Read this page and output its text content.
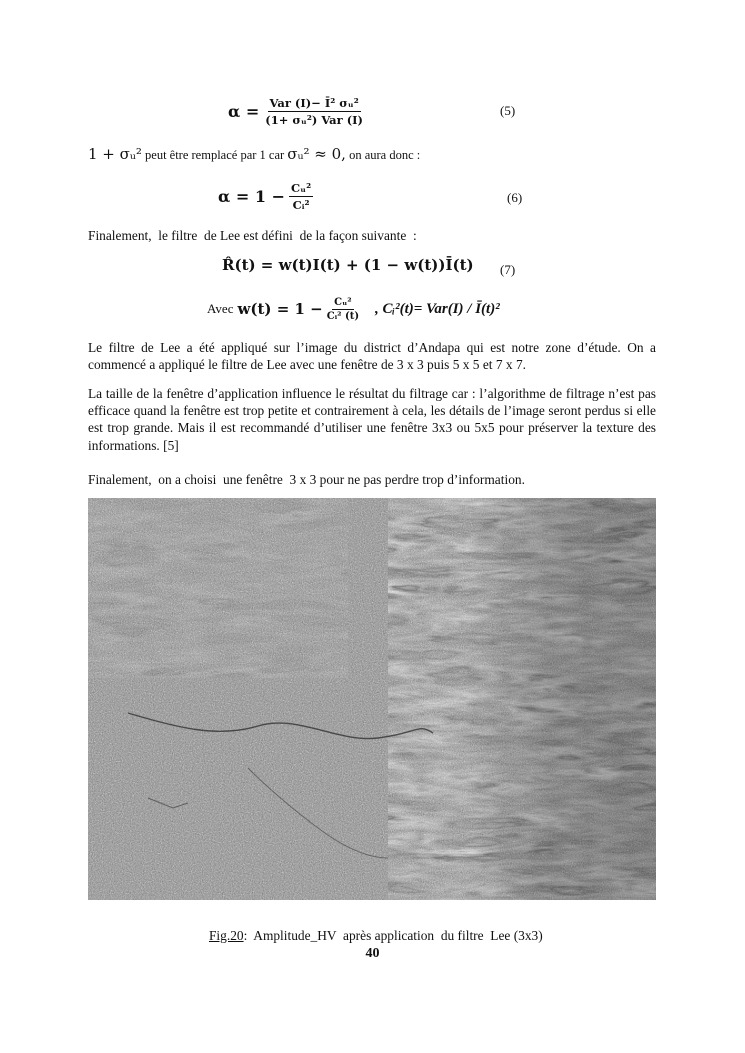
$\alpha = \frac{\text{Var (I)− Ī² σᵤ²}}{\text{(1+ σᵤ²) Var (I)}}$	(5)
1 + σᵤ² peut être remplacé par 1 car σᵤ² ≈ 0, on aura donc :
$\alpha = 1 - \frac{\text{Cᵤ²}}{\text{Cᵢ²}}$	(6)
Finalement,  le filtre  de Lee est défini  de la façon suivante  :
R̂(t) = w(t)I(t) + (1 − w(t))Ī(t) (7)
Avec $w(t) = 1 - \frac{\text{Cᵤ²}}{\text{Cᵢ² (t)}}$ , Cᵢ²(t)= Var(I) / Ī(t)²

Le filtre de Lee a été appliqué sur l’image du district d’Andapa qui est notre zone d’étude. On a commencé a appliqué le filtre de Lee avec une fenêtre de 3 x 3 puis 5 x 5 et 7 x 7.

La taille de la fenêtre d’application influence le résultat du filtrage car : l’algorithme de filtrage n’est pas efficace quand la fenêtre est trop petite et contrairement à cela, les détails de l’image seront perdus si elle est trop grande. Mais il est recommandé d’utiliser une fenêtre 3x3 ou 5x5 pour préserver la texture des informations. [5]

Finalement,  on a choisi  une fenêtre  3 x 3 pour ne pas perdre trop d’information.

Fig.20:  Amplitude_HV  après application  du filtre  Lee (3x3)

40
